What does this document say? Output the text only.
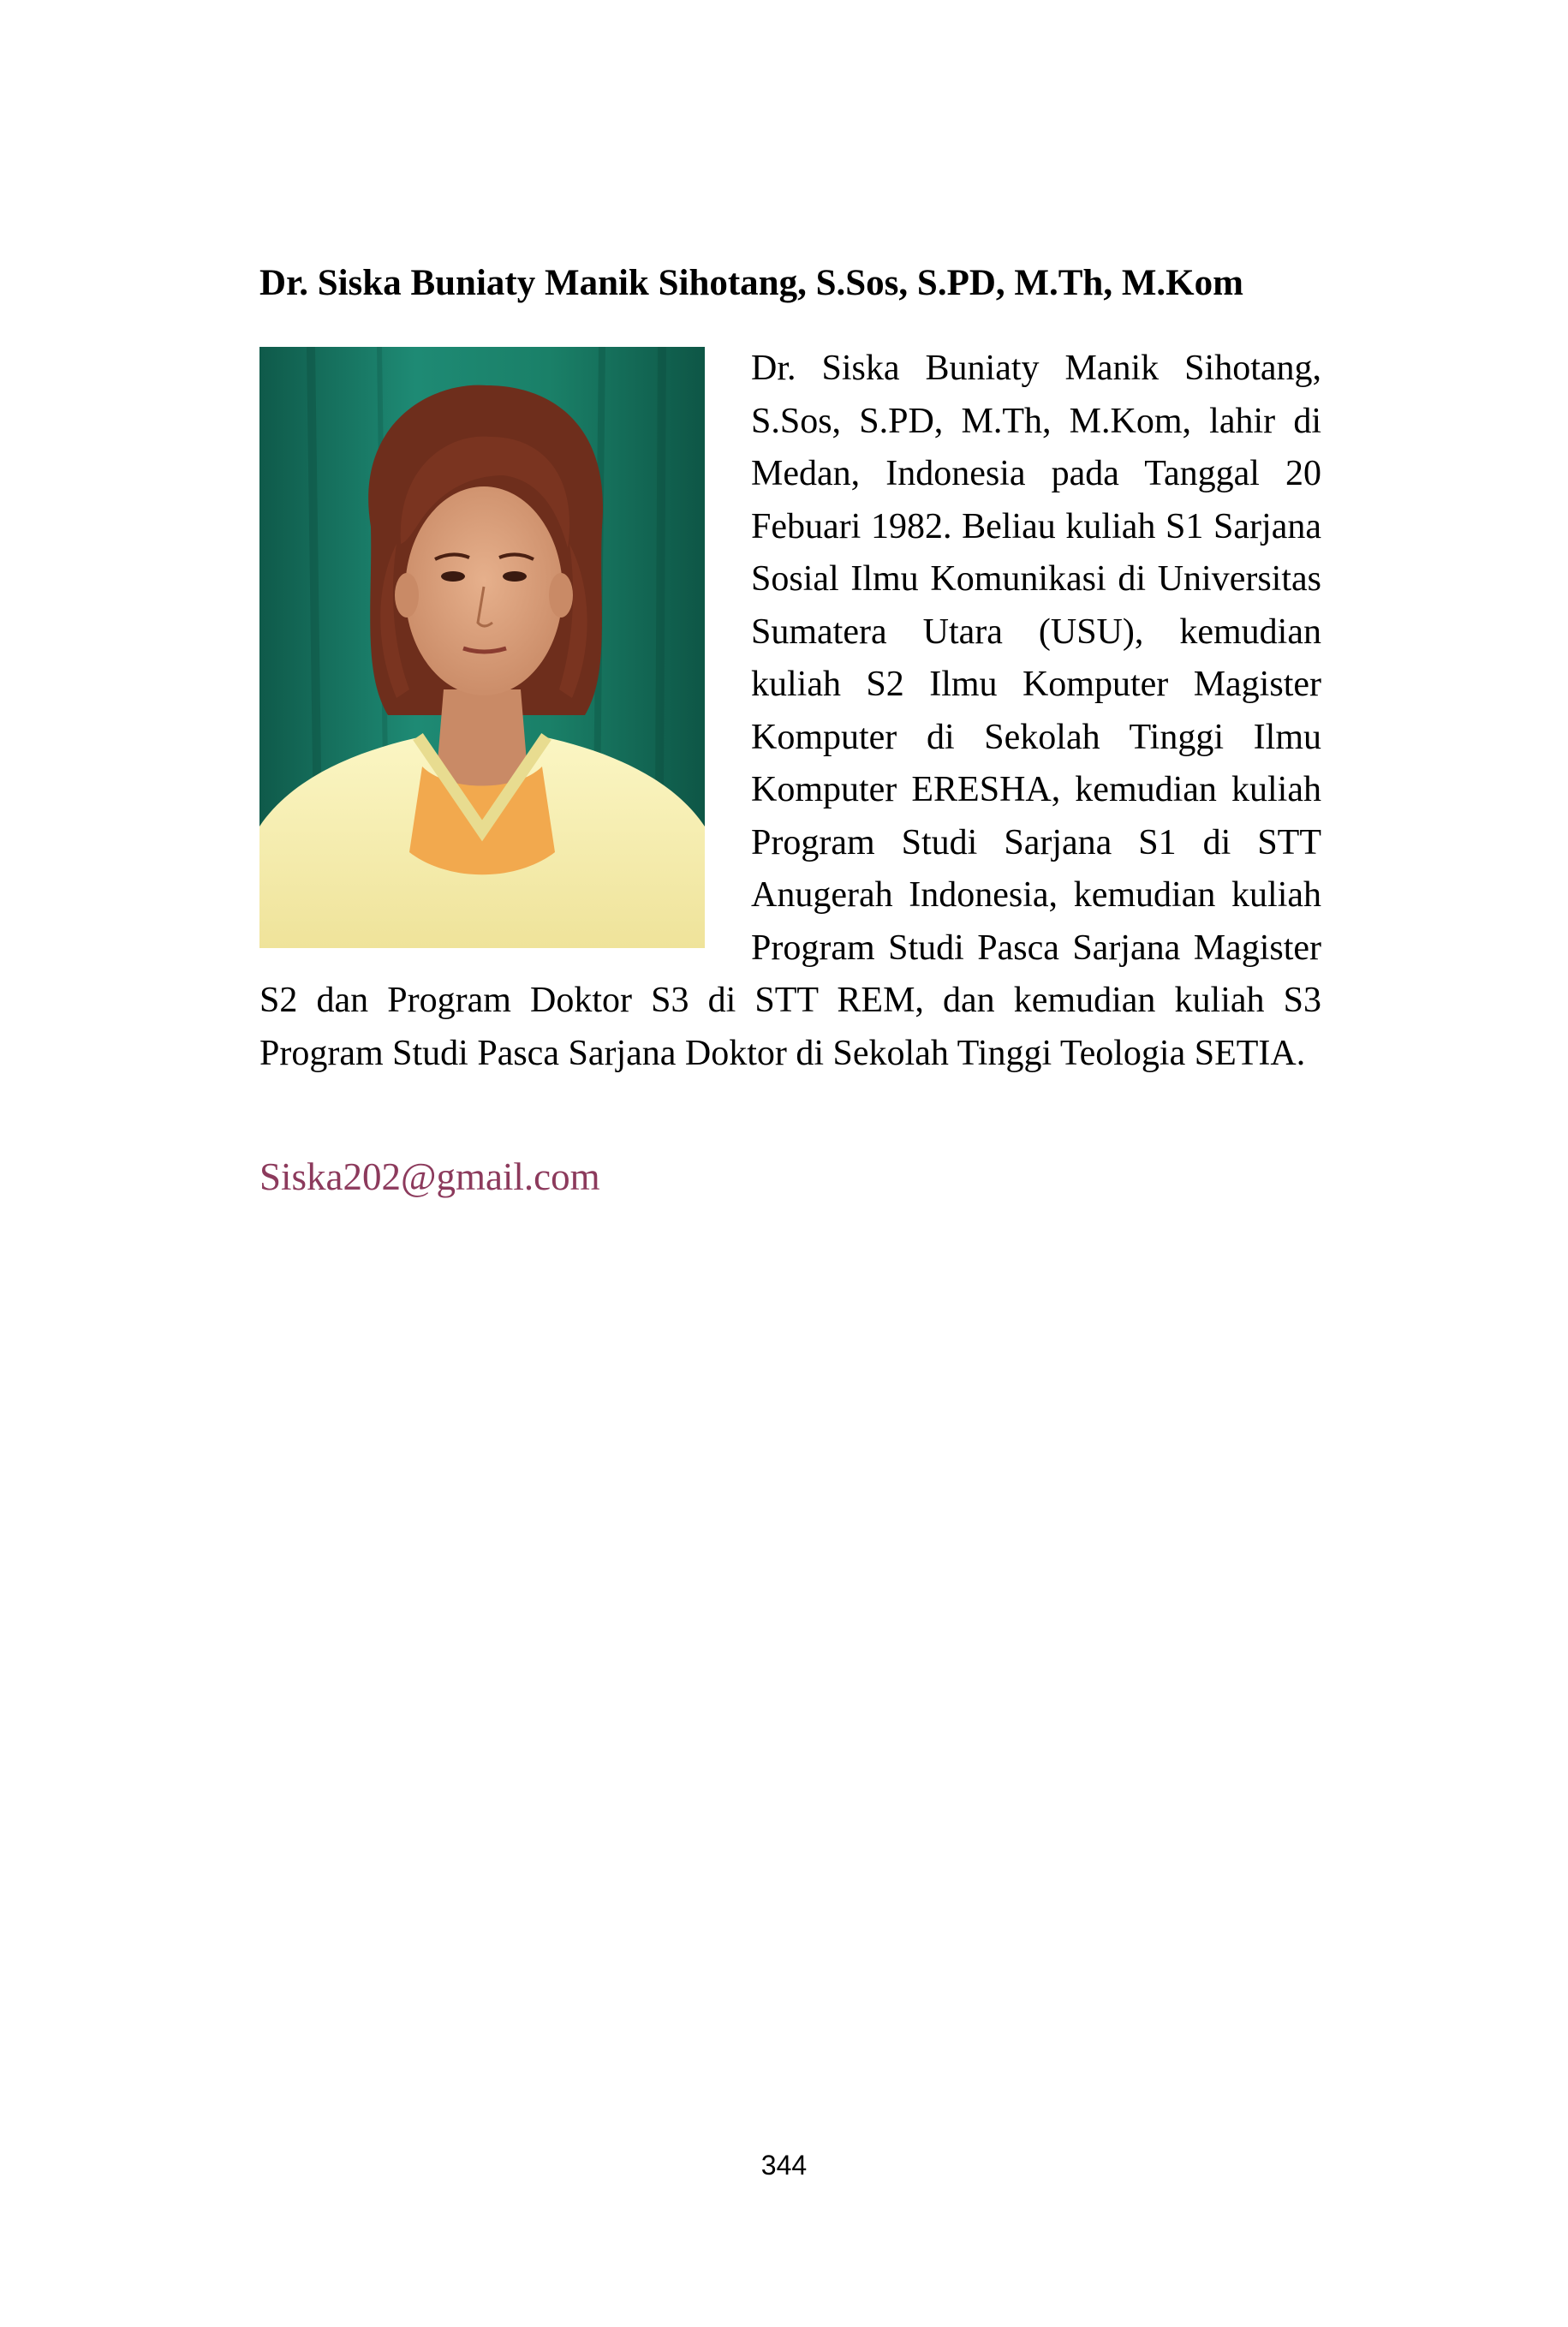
Dr. Siska Buniaty Manik Sihotang, S.Sos, S.PD, M.Th, M.Kom
Dr. Siska Buniaty Manik Sihotang, S.Sos, S.PD, M.Th, M.Kom, lahir di Medan, Indonesia pada Tanggal 20 Febuari 1982. Beliau kuliah S1 Sarjana Sosial Ilmu Komunikasi di Universitas Sumatera Utara (USU), kemudian kuliah S2 Ilmu Komputer Magister Komputer di Sekolah Tinggi Ilmu Komputer ERESHA, kemudian kuliah Program Studi Sarjana S1 di STT Anugerah Indonesia, kemudian kuliah Program Studi Pasca Sarjana Magister S2 dan Program Doktor S3 di STT REM, dan kemudian kuliah S3 Program Studi Pasca Sarjana Doktor di Sekolah Tinggi Teologia SETIA.
Siska202@gmail.com
344
